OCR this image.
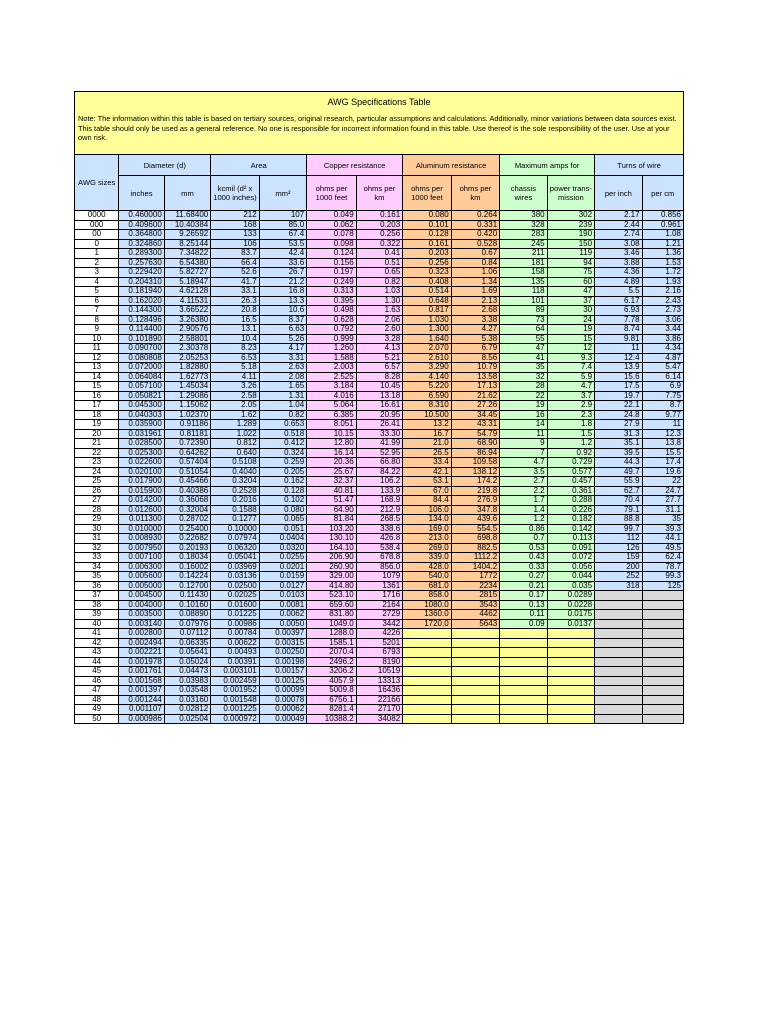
AWG Specifications Table												
Note: The information within this table is based on tertiary sources, original research, particular assumptions and calculations. Additionally, minor variations between data sources exist. This table should only be used as a general reference. No one is responsible for incorrect information found in this table. Use thereof is the sole responsibility of the user. Use at your own risk.												
AWG sizes	Diameter (d)		Area		Copper resistance		Aluminum resistance		Maximum amps for		Turns of wire	
	inches	mm	kcmil (d² x 1000 inches)	mm²	ohms per 1000 feet	ohms per km	ohms per 1000 feet	ohms per km	chassis wires	power trans-mission	per inch	per cm
0000	0.460000	11.68400	212	107	0.049	0.161	0.080	0.264	380	302	2.17	0.856
000	0.409600	10.40384	168	85.0	0.062	0.203	0.101	0.331	328	239	2.44	0.961
00	0.364800	9.26592	133	67.4	0.078	0.256	0.128	0.420	283	190	2.74	1.08
0	0.324860	8.25144	106	53.5	0.098	0.322	0.161	0.528	245	150	3.08	1.21
1	0.289300	7.34822	83.7	42.4	0.124	0.41	0.203	0.67	211	119	3.46	1.36
2	0.257630	6.54380	66.4	33.6	0.156	0.51	0.256	0.84	181	94	3.88	1.53
3	0.229420	5.82727	52.6	26.7	0.197	0.65	0.323	1.06	158	75	4.36	1.72
4	0.204310	5.18947	41.7	21.2	0.249	0.82	0.408	1.34	135	60	4.89	1.93
5	0.181940	4.62128	33.1	16.8	0.313	1.03	0.514	1.69	118	47	5.5	2.16
6	0.162020	4.11531	26.3	13.3	0.395	1.30	0.648	2.13	101	37	6.17	2.43
7	0.144300	3.66522	20.8	10.6	0.498	1.63	0.817	2.68	89	30	6.93	2.73
8	0.128496	3.26380	16.5	8.37	0.628	2.06	1.030	3.38	73	24	7.78	3.06
9	0.114400	2.90576	13.1	6.63	0.792	2.60	1.300	4.27	64	19	8.74	3.44
10	0.101890	2.58801	10.4	5.26	0.999	3.28	1.640	5.38	55	15	9.81	3.86
11	0.090700	2.30378	8.23	4.17	1.260	4.13	2.070	6.79	47	12	11	4.34
12	0.080808	2.05253	6.53	3.31	1.588	5.21	2.610	8.56	41	9.3	12.4	4.87
13	0.072000	1.82880	5.18	2.63	2.003	6.57	3.290	10.79	35	7.4	13.9	5.47
14	0.064084	1.62773	4.11	2.08	2.525	8.28	4.140	13.58	32	5.9	15.6	6.14
15	0.057100	1.45034	3.26	1.65	3.184	10.45	5.220	17.13	28	4.7	17.5	6.9
16	0.050821	1.29086	2.58	1.31	4.016	13.18	6.590	21.62	22	3.7	19.7	7.75
17	0.045300	1.15062	2.05	1.04	5.064	16.61	8.310	27.26	19	2.9	22.1	8.7
18	0.040303	1.02370	1.62	0.82	6.385	20.95	10.500	34.45	16	2.3	24.8	9.77
19	0.035900	0.91186	1.289	0.653	8.051	26.41	13.2	43.31	14	1.8	27.9	11
20	0.031961	0.81181	1.022	0.518	10.15	33.30	16.7	54.79	11	1.5	31.3	12.3
21	0.028500	0.72390	0.812	0.412	12.80	41.99	21.0	68.90	9	1.2	35.1	13.8
22	0.025300	0.64262	0.640	0.324	16.14	52.95	26.5	86.94	7	0.92	39.5	15.5
23	0.022600	0.57404	0.5108	0.259	20.36	66.80	33.4	109.58	4.7	0.729	44.3	17.4
24	0.020100	0.51054	0.4040	0.205	25.67	84.22	42.1	138.12	3.5	0.577	49.7	19.6
25	0.017900	0.45466	0.3204	0.162	32.37	106.2	53.1	174.2	2.7	0.457	55.9	22
26	0.015900	0.40386	0.2528	0.128	40.81	133.9	67.0	219.8	2.2	0.361	62.7	24.7
27	0.014200	0.36068	0.2016	0.102	51.47	168.9	84.4	276.9	1.7	0.288	70.4	27.7
28	0.012600	0.32004	0.1588	0.080	64.90	212.9	106.0	347.8	1.4	0.226	79.1	31.1
29	0.011300	0.28702	0.1277	0.065	81.84	268.5	134.0	439.6	1.2	0.182	88.8	35
30	0.010000	0.25400	0.10000	0.051	103.20	338.6	169.0	554.5	0.86	0.142	99.7	39.3
31	0.008930	0.22682	0.07974	0.0404	130.10	426.8	213.0	698.8	0.7	0.113	112	44.1
32	0.007950	0.20193	0.06320	0.0320	164.10	538.4	269.0	882.5	0.53	0.091	126	49.5
33	0.007100	0.18034	0.05041	0.0255	206.90	678.8	339.0	1112.2	0.43	0.072	159	62.4
34	0.006300	0.16002	0.03969	0.0201	260.90	856.0	428.0	1404.2	0.33	0.056	200	78.7
35	0.005600	0.14224	0.03136	0.0159	329.00	1079	540.0	1772	0.27	0.044	252	99.3
36	0.005000	0.12700	0.02500	0.0127	414.80	1361	681.0	2234	0.21	0.035	318	125
37	0.004500	0.11430	0.02025	0.0103	523.10	1716	858.0	2815	0.17	0.0289		
38	0.004000	0.10160	0.01600	0.0081	659.60	2164	1080.0	3543	0.13	0.0228		
39	0.003500	0.08890	0.01225	0.0062	831.80	2729	1360.0	4462	0.11	0.0175		
40	0.003140	0.07976	0.00986	0.0050	1049.0	3442	1720.0	5643	0.09	0.0137		
41	0.002800	0.07112	0.00784	0.00397	1288.0	4226						
42	0.002494	0.06335	0.00622	0.00315	1585.1	5201						
43	0.002221	0.05641	0.00493	0.00250	2070.4	6793						
44	0.001978	0.05024	0.00391	0.00198	2496.2	8190						
45	0.001761	0.04473	0.003101	0.00157	3206.2	10519						
46	0.001568	0.03983	0.002459	0.00125	4057.9	13313						
47	0.001397	0.03548	0.001952	0.00099	5009.8	16436						
48	0.001244	0.03160	0.001548	0.00078	6756.1	22166						
49	0.001107	0.02812	0.001225	0.00062	8281.4	27170						
50	0.000986	0.02504	0.000972	0.00049	10388.2	34082						
